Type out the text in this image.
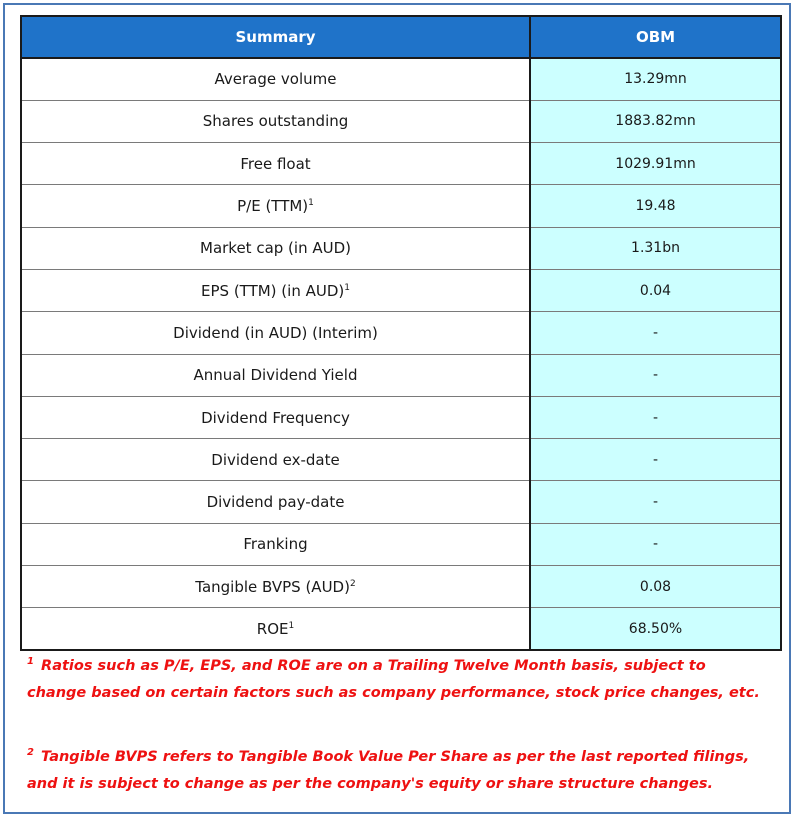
Summary	OBM
Average volume	13.29mn
Shares outstanding	1883.82mn
Free float	1029.91mn
P/E (TTM)$^1$	19.48
Market cap (in AUD)	1.31bn
EPS (TTM) (in AUD)$^1$	0.04
Dividend (in AUD) (Interim)	-
Annual Dividend Yield	-
Dividend Frequency	-
Dividend ex-date	-
Dividend pay-date	-
Franking	-
Tangible BVPS (AUD)$^2$	0.08
ROE$^1$	68.50%
$^1$ Ratios such as P/E, EPS, and ROE are on a Trailing Twelve Month basis, subject to
change based on certain factors such as company performance, stock price changes, etc.
$^2$ Tangible BVPS refers to Tangible Book Value Per Share as per the last reported filings,
and it is subject to change as per the company's equity or share structure changes.
